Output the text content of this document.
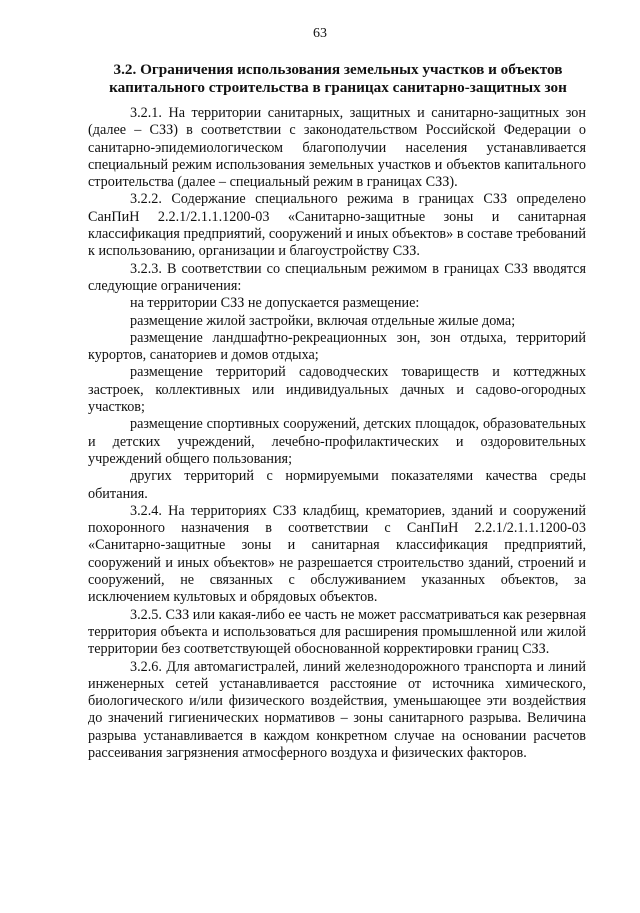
63
3.2. Ограничения использования земельных участков и объектов капитального строительства в границах санитарно-защитных зон

3.2.1. На территории санитарных, защитных и санитарно-защитных зон (далее – СЗЗ) в соответствии с законодательством Российской Федерации о санитарно-эпидемиологическом благополучии населения устанавливается специальный режим использования земельных участков и объектов капитального строительства (далее – специальный режим в границах СЗЗ).

3.2.2. Содержание специального режима в границах СЗЗ определено СанПиН 2.2.1/2.1.1.1200-03 «Санитарно-защитные зоны и санитарная классификация предприятий, сооружений и иных объектов» в составе требований к использованию, организации и благоустройству СЗЗ.

3.2.3. В соответствии со специальным режимом в границах СЗЗ вводятся следующие ограничения:

на территории СЗЗ не допускается размещение:

размещение жилой застройки, включая отдельные жилые дома;

размещение ландшафтно-рекреационных зон, зон отдыха, территорий курортов, санаториев и домов отдыха;

размещение территорий садоводческих товариществ и коттеджных застроек, коллективных или индивидуальных дачных и садово-огородных участков;

размещение спортивных сооружений, детских площадок, образовательных и детских учреждений, лечебно-профилактических и оздоровительных учреждений общего пользования;

других территорий с нормируемыми показателями качества среды обитания.

3.2.4. На территориях СЗЗ кладбищ, крематориев, зданий и сооружений похоронного назначения в соответствии с СанПиН 2.2.1/2.1.1.1200-03 «Санитарно-защитные зоны и санитарная классификация предприятий, сооружений и иных объектов» не разрешается строительство зданий, строений и сооружений, не связанных с обслуживанием указанных объектов, за исключением культовых и обрядовых объектов.

3.2.5. СЗЗ или какая-либо ее часть не может рассматриваться как резервная территория объекта и использоваться для расширения промышленной или жилой территории без соответствующей обоснованной корректировки границ СЗЗ.

3.2.6. Для автомагистралей, линий железнодорожного транспорта и линий инженерных сетей устанавливается расстояние от источника химического, биологического и/или физического воздействия, уменьшающее эти воздействия до значений гигиенических нормативов – зоны санитарного разрыва. Величина разрыва устанавливается в каждом конкретном случае на основании расчетов рассеивания загрязнения атмосферного воздуха и физических факторов.
